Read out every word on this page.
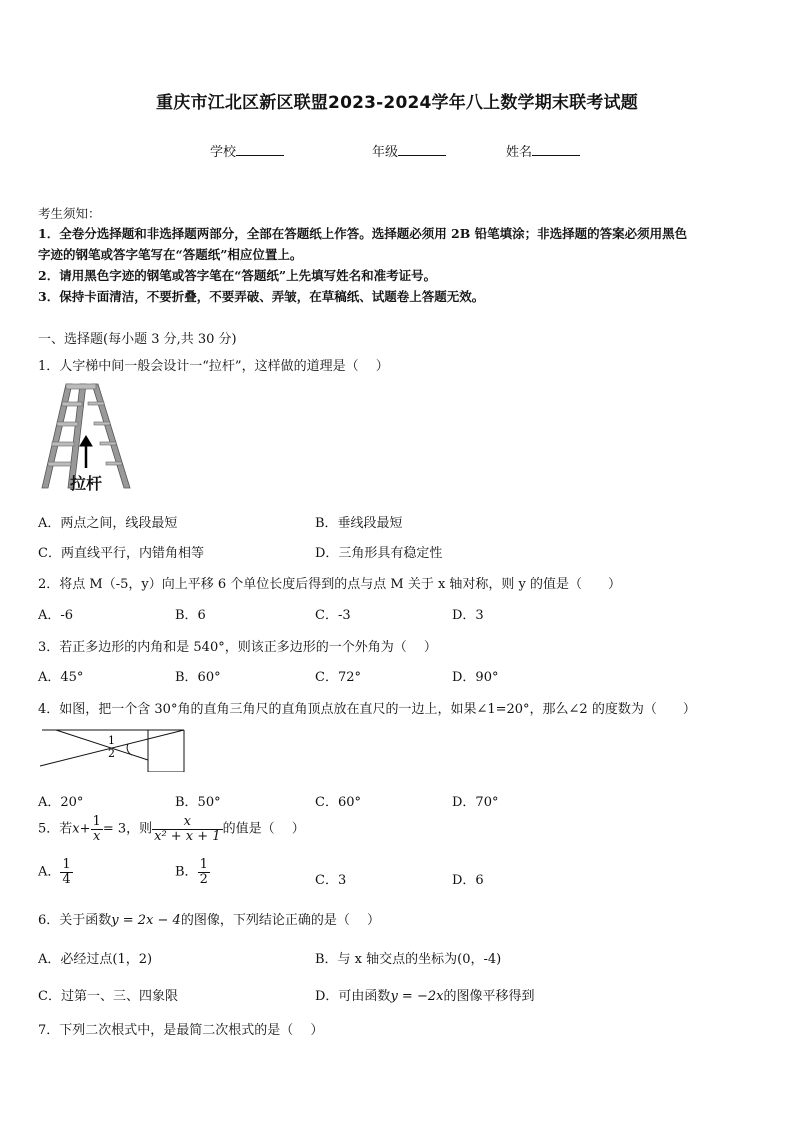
重庆市江北区新区联盟2023-2024学年八上数学期末联考试题
学校	年级	姓名
考生须知：
1．全卷分选择题和非选择题两部分，全部在答题纸上作答。选择题必须用 2B 铅笔填涂；非选择题的答案必须用黑色
字迹的钢笔或答字笔写在“答题纸”相应位置上。
2．请用黑色字迹的钢笔或答字笔在“答题纸”上先填写姓名和准考证号。
3．保持卡面清洁，不要折叠，不要弄破、弄皱，在草稿纸、试题卷上答题无效。
一、选择题(每小题 3 分,共 30 分)
1．人字梯中间一般会设计一“拉杆”，这样做的道理是（　 ）
拉杆
A．两点之间，线段最短	B．垂线段最短
C．两直线平行，内错角相等	D．三角形具有稳定性
2．将点 M（-5，y）向上平移 6 个单位长度后得到的点与点 M 关于 x 轴对称，则 y 的值是（　　）
A．-6	B．6	C．-3	D．3
3．若正多边形的内角和是 540°，则该正多边形的一个外角为（　 ）
A．45°	B．60°	C．72°	D．90°
4．如图，把一个含 30°角的直角三角尺的直角顶点放在直尺的一边上，如果∠1=20°，那么∠2 的度数为（　　）
1
2
A．20°	B．50°	C．60°	D．70°
5．若$x+ \frac{1}{x} = 3$，则 $\frac{x}{\text{x² + x + 1}}$ 的值是（　 ）
A． $\frac{1}{4}$	B． $\frac{1}{2}$	C．3	D．6
6．关于函数y = 2x − 4的图像，下列结论正确的是（　 ）
A．必经过点(1，2)	B．与 x 轴交点的坐标为(0，-4)
C．过第一、三、四象限	D．可由函数y = −2x的图像平移得到
7．下列二次根式中，是最简二次根式的是（　 ）
